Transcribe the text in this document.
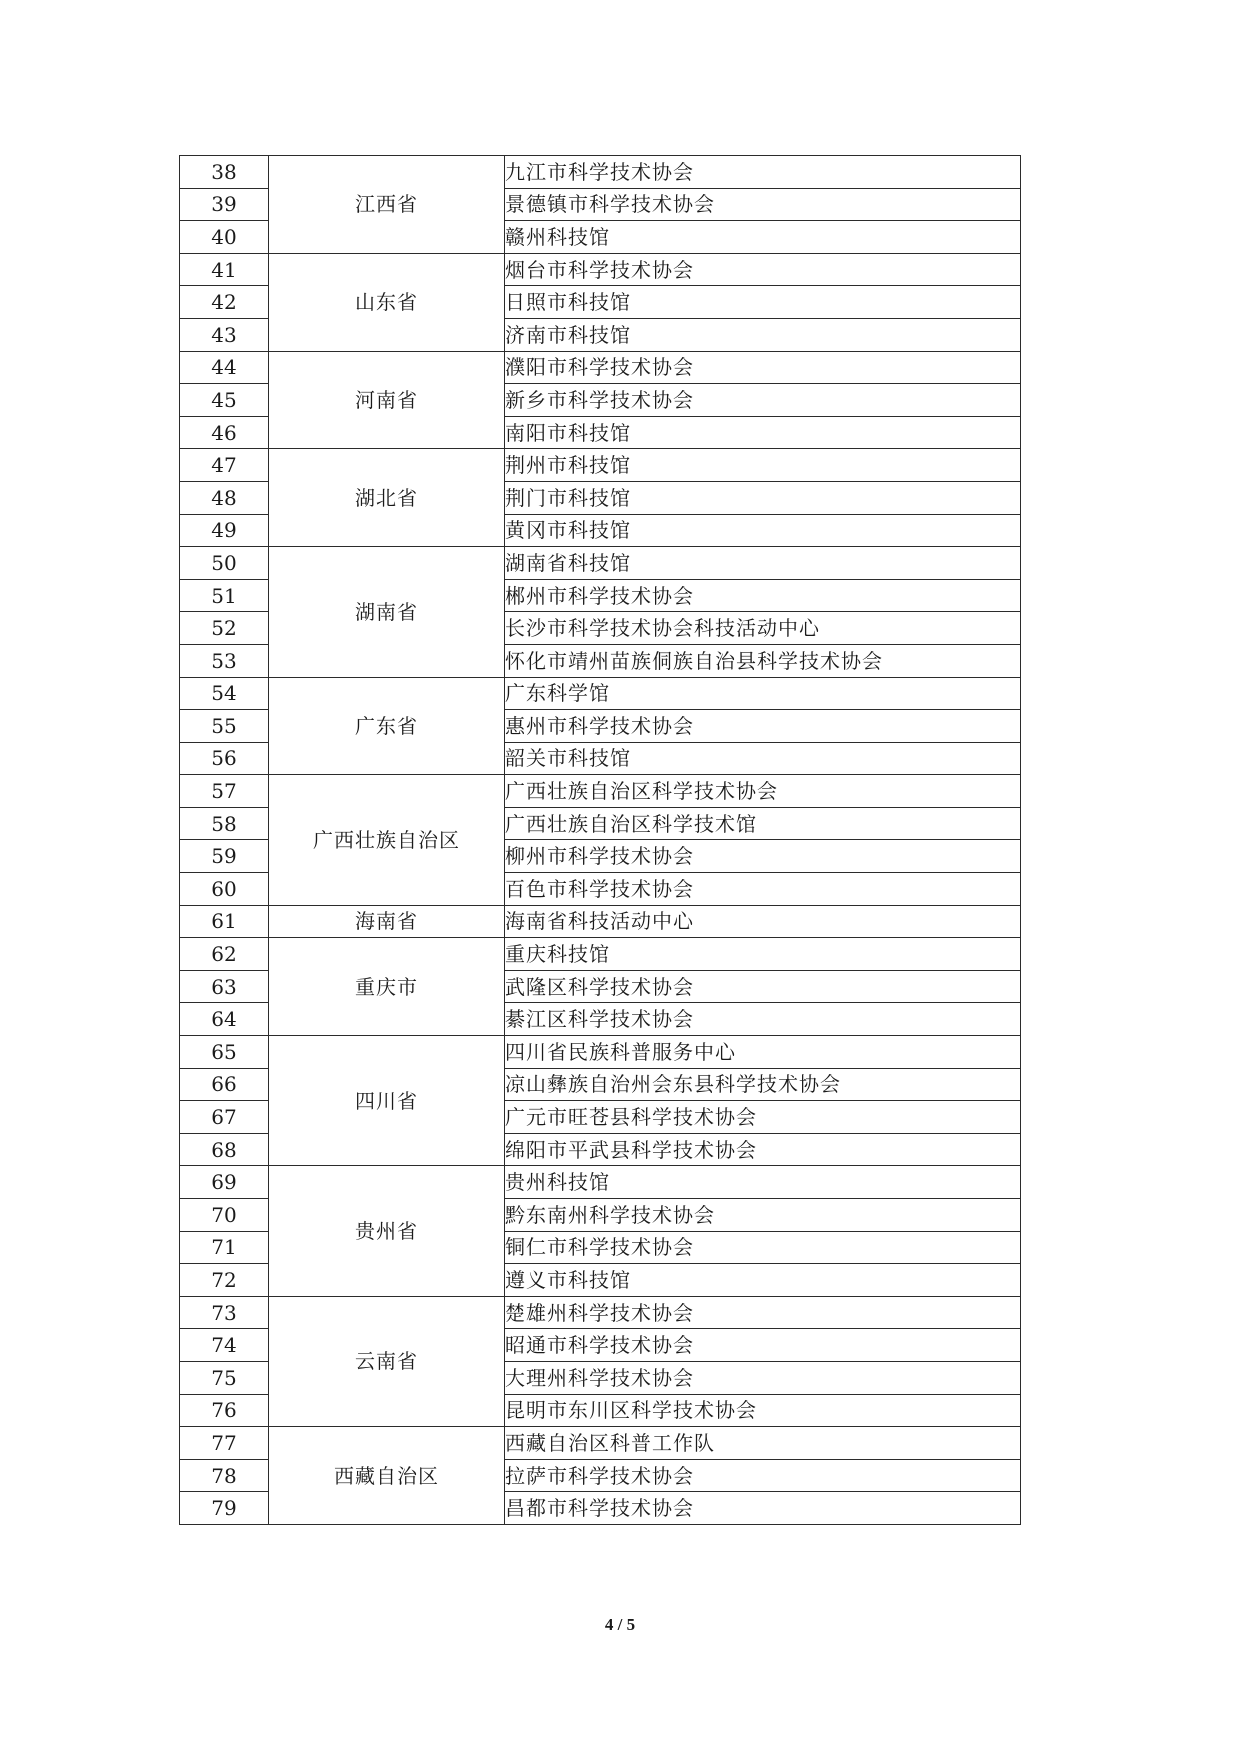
38	江西省	九江市科学技术协会
39		景德镇市科学技术协会
40		赣州科技馆
41	山东省	烟台市科学技术协会
42		日照市科技馆
43		济南市科技馆
44	河南省	濮阳市科学技术协会
45		新乡市科学技术协会
46		南阳市科技馆
47	湖北省	荆州市科技馆
48		荆门市科技馆
49		黄冈市科技馆
50	湖南省	湖南省科技馆
51		郴州市科学技术协会
52		长沙市科学技术协会科技活动中心
53		怀化市靖州苗族侗族自治县科学技术协会
54	广东省	广东科学馆
55		惠州市科学技术协会
56		韶关市科技馆
57	广西壮族自治区	广西壮族自治区科学技术协会
58		广西壮族自治区科学技术馆
59		柳州市科学技术协会
60		百色市科学技术协会
61	海南省	海南省科技活动中心
62	重庆市	重庆科技馆
63		武隆区科学技术协会
64		綦江区科学技术协会
65	四川省	四川省民族科普服务中心
66		凉山彝族自治州会东县科学技术协会
67		广元市旺苍县科学技术协会
68		绵阳市平武县科学技术协会
69	贵州省	贵州科技馆
70		黔东南州科学技术协会
71		铜仁市科学技术协会
72		遵义市科技馆
73	云南省	楚雄州科学技术协会
74		昭通市科学技术协会
75		大理州科学技术协会
76		昆明市东川区科学技术协会
77	西藏自治区	西藏自治区科普工作队
78		拉萨市科学技术协会
79		昌都市科学技术协会
4 / 5
